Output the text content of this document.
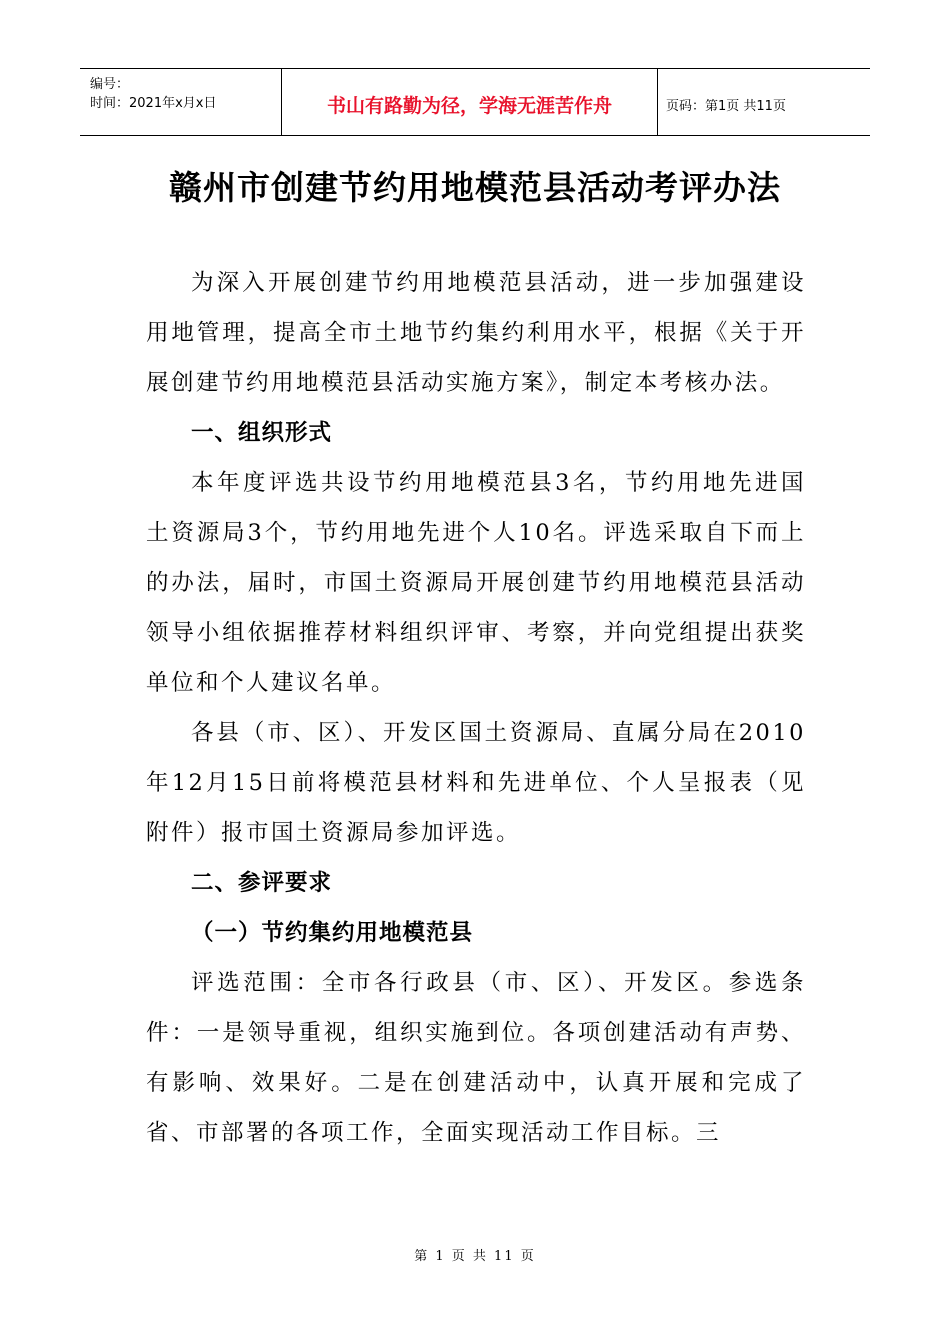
编号：
时间：2021年x月x日	书山有路勤为径，学海无涯苦作舟	页码：第1页 共11页
赣州市创建节约用地模范县活动考评办法

为深入开展创建节约用地模范县活动，进一步加强建设用地管理，提高全市土地节约集约利用水平，根据《关于开展创建节约用地模范县活动实施方案》，制定本考核办法。

一、组织形式

本年度评选共设节约用地模范县3名，节约用地先进国土资源局3个，节约用地先进个人10名。评选采取自下而上的办法，届时，市国土资源局开展创建节约用地模范县活动领导小组依据推荐材料组织评审、考察，并向党组提出获奖单位和个人建议名单。

各县（市、区）、开发区国土资源局、直属分局在2010年12月15日前将模范县材料和先进单位、个人呈报表（见附件）报市国土资源局参加评选。

二、参评要求

（一）节约集约用地模范县

评选范围：全市各行政县（市、区）、开发区。参选条件：一是领导重视，组织实施到位。各项创建活动有声势、有影响、效果好。二是在创建活动中，认真开展和完成了省、市部署的各项工作，全面实现活动工作目标。三

第 1 页 共 11 页
